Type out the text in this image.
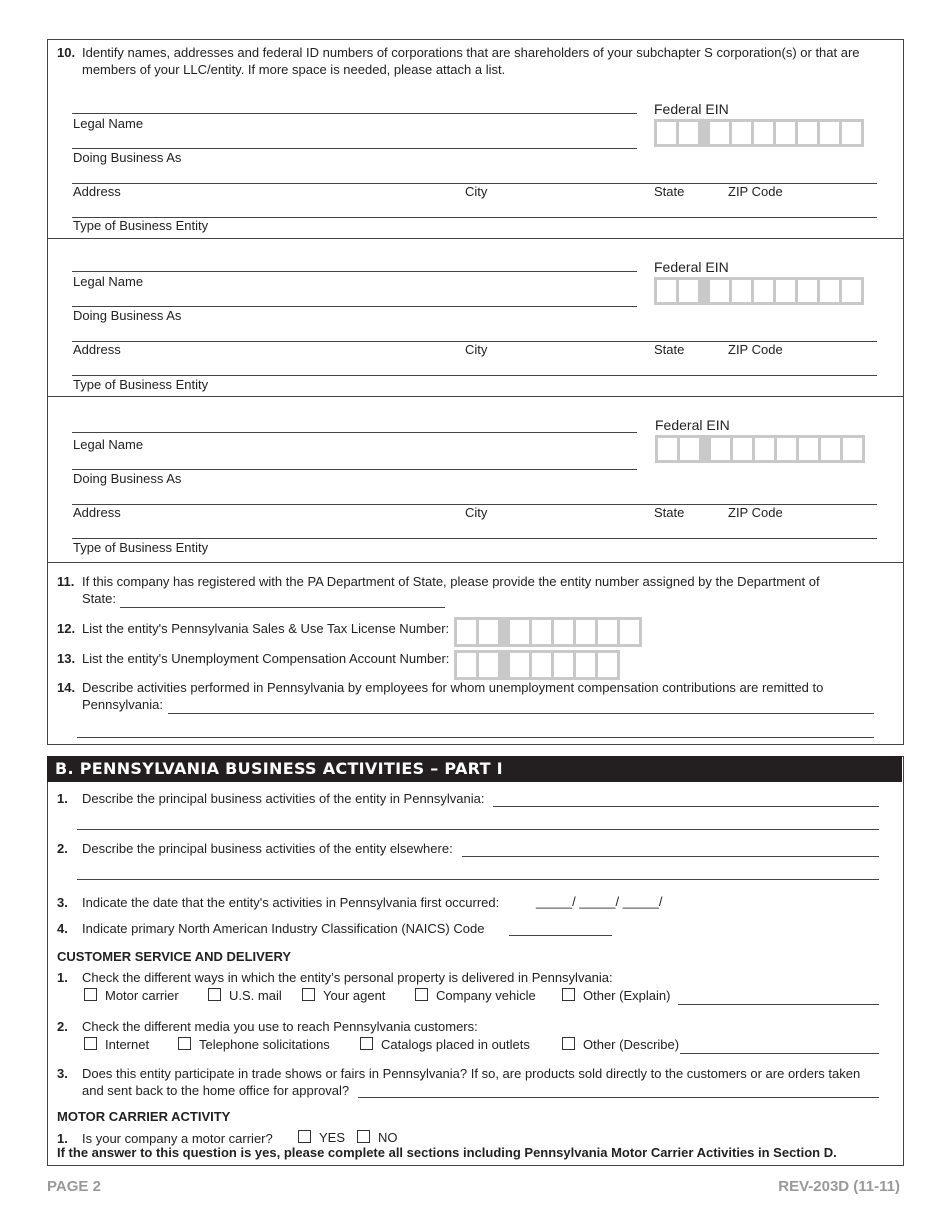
10. Identify names, addresses and federal ID numbers of corporations that are shareholders of your subchapter S corporation(s) or that are
members of your LLC/entity. If more space is needed, please attach a list.
Legal Name
Federal EIN
Doing Business As
Address	City	State	ZIP Code
Type of Business Entity
Legal Name
Federal EIN
Doing Business As
Address	City	State	ZIP Code
Type of Business Entity
Legal Name
Federal EIN
Doing Business As
Address	City	State	ZIP Code
Type of Business Entity
11. If this company has registered with the PA Department of State, please provide the entity number assigned by the Department of
State:
12. List the entity's Pennsylvania Sales & Use Tax License Number:
13. List the entity's Unemployment Compensation Account Number:
14. Describe activities performed in Pennsylvania by employees for whom unemployment compensation contributions are remitted to
Pennsylvania:
B. PENNSYLVANIA BUSINESS ACTIVITIES – PART I
1. Describe the principal business activities of the entity in Pennsylvania:
2. Describe the principal business activities of the entity elsewhere:
3. Indicate the date that the entity's activities in Pennsylvania first occurred:	_____/ _____/ _____/
4. Indicate primary North American Industry Classification (NAICS) Code
CUSTOMER SERVICE AND DELIVERY
1. Check the different ways in which the entity’s personal property is delivered in Pennsylvania:
Motor carrier	U.S. mail	Your agent	Company vehicle	Other (Explain)
2. Check the different media you use to reach Pennsylvania customers:
Internet	Telephone solicitations	Catalogs placed in outlets	Other (Describe)
3. Does this entity participate in trade shows or fairs in Pennsylvania? If so, are products sold directly to the customers or are orders taken
and sent back to the home office for approval?
MOTOR CARRIER ACTIVITY
1. Is your company a motor carrier?	YES	NO
If the answer to this question is yes, please complete all sections including Pennsylvania Motor Carrier Activities in Section D.
PAGE 2	REV-203D (11-11)
